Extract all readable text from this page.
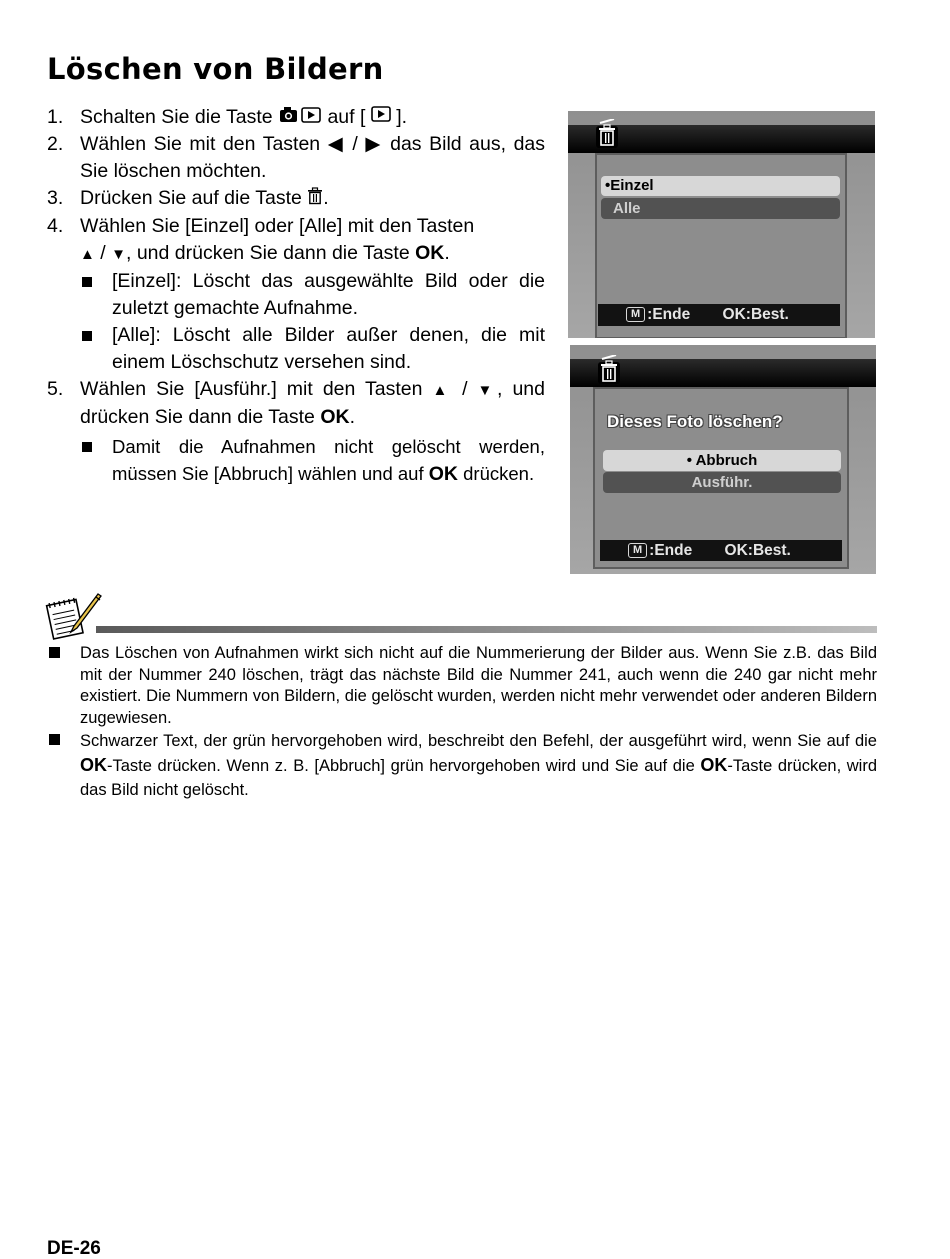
Löschen von Bildern
1. Schalten Sie die Taste	auf [ ].
2. Wählen Sie mit den Tasten ◀ / ▶ das Bild aus, das Sie löschen möchten.
3. Drücken Sie auf die Taste .
4. Wählen Sie [Einzel] oder [Alle] mit den Tasten
▲ / ▼, und drücken Sie dann die Taste OK.
[Einzel]: Löscht das ausgewählte Bild oder die zuletzt gemachte Aufnahme.
[Alle]: Löscht alle Bilder außer denen, die mit einem Löschschutz versehen sind.
5. Wählen Sie [Ausführ.] mit den Tasten ▲ / ▼, und drücken Sie dann die Taste OK.
Damit die Aufnahmen nicht gelöscht werden, müssen Sie [Abbruch] wählen und auf OK drücken.
•Einzel
Alle
M :Ende OK:Best.
Dieses Foto löschen?
• Abbruch
Ausführ.
M :Ende OK:Best.
Das Löschen von Aufnahmen wirkt sich nicht auf die Nummerierung der Bilder aus. Wenn Sie z.B. das Bild mit der Nummer 240 löschen, trägt das nächste Bild die Nummer 241, auch wenn die 240 gar nicht mehr existiert. Die Nummern von Bildern, die gelöscht wurden, werden nicht mehr verwendet oder anderen Bildern zugewiesen.
Schwarzer Text, der grün hervorgehoben wird, beschreibt den Befehl, der ausgeführt wird, wenn Sie auf die OK-Taste drücken. Wenn z. B. [Abbruch] grün hervorgehoben wird und Sie auf die OK-Taste drücken, wird das Bild nicht gelöscht.
DE-26
